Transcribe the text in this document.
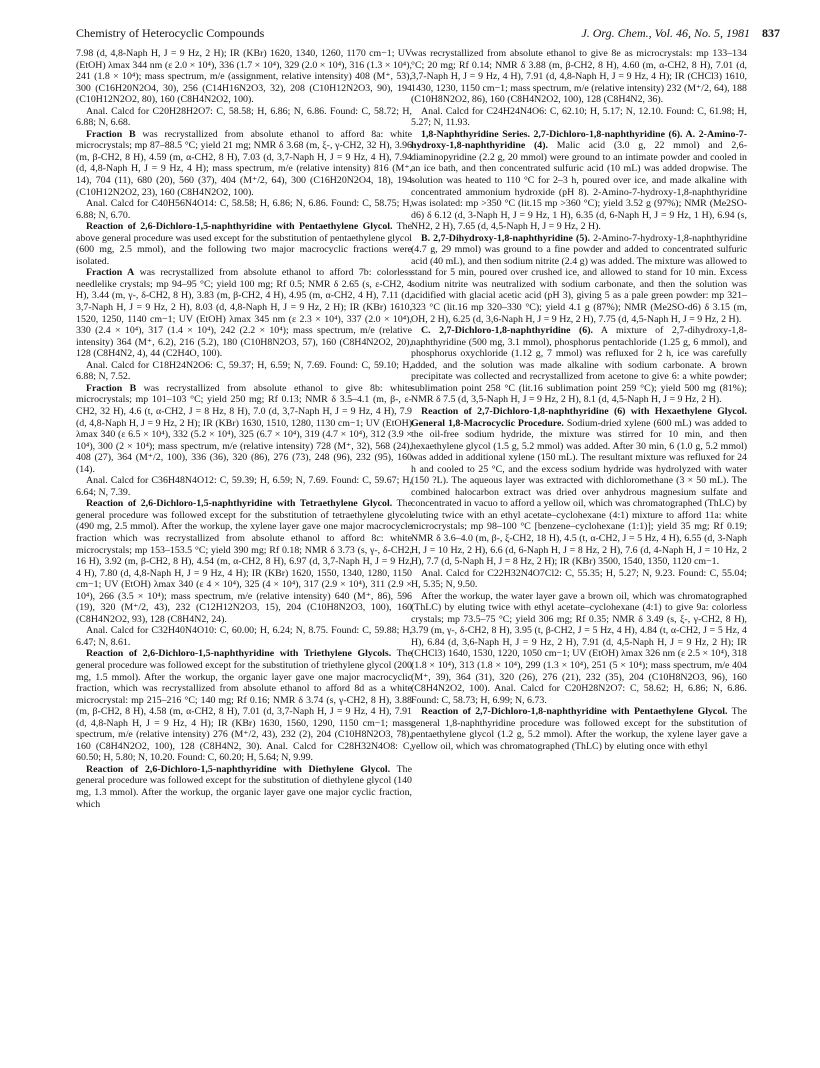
Chemistry of Heterocyclic Compounds	J. Org. Chem., Vol. 46, No. 5, 1981 837

7.98 (d, 4,8-Naph H, J = 9 Hz, 2 H); IR (KBr) 1620, 1340, 1260, 1170 cm−1; UV (EtOH) λmax 344 nm (ε 2.0 × 10⁴), 336 (1.7 × 10⁴), 329 (2.0 × 10⁴), 316 (1.3 × 10⁴), 241 (1.8 × 10⁴); mass spectrum, m/e (assignment, relative intensity) 408 (M⁺, 53), 300 (C16H20N2O4, 30), 256 (C14H16N2O3, 32), 208 (C10H12N2O3, 90), 194 (C10H12N2O2, 80), 160 (C8H4N2O2, 100).

Anal. Calcd for C20H28H2O7: C, 58.58; H, 6.86; N, 6.86. Found: C, 58.72; H, 6.88; N, 6.68.

Fraction B was recrystallized from absolute ethanol to afford 8a: white microcrystals; mp 87–88.5 °C; yield 21 mg; NMR δ 3.68 (m, ξ-, γ-CH2, 32 H), 3.96 (m, β-CH2, 8 H), 4.59 (m, α-CH2, 8 H), 7.03 (d, 3,7-Naph H, J = 9 Hz, 4 H), 7.94 (d, 4,8-Naph H, J = 9 Hz, 4 H); mass spectrum, m/e (relative intensity) 816 (M⁺, 14), 704 (11), 680 (20), 560 (37), 404 (M⁺/2, 64), 300 (C16H20N2O4, 18), 194 (C10H12N2O2, 23), 160 (C8H4N2O2, 100).

Anal. Calcd for C40H56N4O14: C, 58.58; H, 6.86; N, 6.86. Found: C, 58.75; H, 6.88; N, 6.70.

Reaction of 2,6-Dichloro-1,5-naphthyridine with Pentaethylene Glycol. The above general procedure was used except for the substitution of pentaethylene glycol (600 mg, 2.5 mmol), and the following two major macrocyclic fractions were isolated.

Fraction A was recrystallized from absolute ethanol to afford 7b: colorless needlelike crystals; mp 94–95 °C; yield 100 mg; Rf 0.5; NMR δ 2.65 (s, ε-CH2, 4 H), 3.44 (m, γ-, δ-CH2, 8 H), 3.83 (m, β-CH2, 4 H), 4.95 (m, α-CH2, 4 H), 7.11 (d, 3,7-Naph H, J = 9 Hz, 2 H), 8.03 (d, 4,8-Naph H, J = 9 Hz, 2 H); IR (KBr) 1610, 1520, 1250, 1140 cm−1; UV (EtOH) λmax 345 nm (ε 2.3 × 10⁴), 337 (2.0 × 10⁴), 330 (2.4 × 10⁴), 317 (1.4 × 10⁴), 242 (2.2 × 10⁴); mass spectrum, m/e (relative intensity) 364 (M⁺, 6.2), 216 (5.2), 180 (C10H8N2O3, 57), 160 (C8H4N2O2, 20), 128 (C8H4N2, 4), 44 (C2H4O, 100).

Anal. Calcd for C18H24N2O6: C, 59.37; H, 6.59; N, 7.69. Found: C, 59.10; H, 6.88; N, 7.52.

Fraction B was recrystallized from absolute ethanol to give 8b: white microcrystals; mp 101–103 °C; yield 250 mg; Rf 0.13; NMR δ 3.5–4.1 (m, β-, ε-CH2, 32 H), 4.6 (t, α-CH2, J = 8 Hz, 8 H), 7.0 (d, 3,7-Naph H, J = 9 Hz, 4 H), 7.9 (d, 4,8-Naph H, J = 9 Hz, 2 H); IR (KBr) 1630, 1510, 1280, 1130 cm−1; UV (EtOH) λmax 340 (ε 6.5 × 10⁴), 332 (5.2 × 10⁴), 325 (6.7 × 10⁴), 319 (4.7 × 10⁴), 312 (3.9 × 10⁴), 300 (2 × 10⁴); mass spectrum, m/e (relative intensity) 728 (M⁺, 32), 568 (24), 408 (27), 364 (M⁺/2, 100), 336 (36), 320 (86), 276 (73), 248 (96), 232 (95), 160 (14).

Anal. Calcd for C36H48N4O12: C, 59.39; H, 6.59; N, 7.69. Found: C, 59.67; H, 6.64; N, 7.39.

Reaction of 2,6-Dichloro-1,5-naphthyridine with Tetraethylene Glycol. The general procedure was followed except for the substitution of tetraethylene glycol (490 mg, 2.5 mmol). After the workup, the xylene layer gave one major macrocycle fraction which was recrystallized from absolute ethanol to afford 8c: white microcrystals; mp 153–153.5 °C; yield 390 mg; Rf 0.18; NMR δ 3.73 (s, γ-, δ-CH2, 16 H), 3.92 (m, β-CH2, 8 H), 4.54 (m, α-CH2, 8 H), 6.97 (d, 3,7-Naph H, J = 9 Hz, 4 H), 7.80 (d, 4,8-Naph H, J = 9 Hz, 4 H); IR (KBr) 1620, 1550, 1340, 1280, 1150 cm−1; UV (EtOH) λmax 340 (ε 4 × 10⁴), 325 (4 × 10⁴), 317 (2.9 × 10⁴), 311 (2.9 × 10⁴), 266 (3.5 × 10⁴); mass spectrum, m/e (relative intensity) 640 (M⁺, 86), 596 (19), 320 (M⁺/2, 43), 232 (C12H12N2O3, 15), 204 (C10H8N2O3, 100), 160 (C8H4N2O2, 93), 128 (C8H4N2, 24).

Anal. Calcd for C32H40N4O10: C, 60.00; H, 6.24; N, 8.75. Found: C, 59.88; H, 6.47; N, 8.61.

Reaction of 2,6-Dichloro-1,5-naphthyridine with Triethylene Glycols. The general procedure was followed except for the substitution of triethylene glycol (200 mg, 1.5 mmol). After the workup, the organic layer gave one major macrocyclic fraction, which was recrystallized from absolute ethanol to afford 8d as a white microcrystal: mp 215–216 °C; 140 mg; Rf 0.16; NMR δ 3.74 (s, γ-CH2, 8 H), 3.88 (m, β-CH2, 8 H), 4.58 (m, α-CH2, 8 H), 7.01 (d, 3,7-Naph H, J = 9 Hz, 4 H), 7.91 (d, 4,8-Naph H, J = 9 Hz, 4 H); IR (KBr) 1630, 1560, 1290, 1150 cm−1; mass spectrum, m/e (relative intensity) 276 (M⁺/2, 43), 232 (2), 204 (C10H8N2O3, 78), 160 (C8H4N2O2, 100), 128 (C8H4N2, 30). Anal. Calcd for C28H32N4O8: C, 60.50; H, 5.80; N, 10.20. Found: C, 60.20; H, 5.64; N, 9.99.

Reaction of 2,6-Dichloro-1,5-naphthyridine with Diethylene Glycol. The general procedure was followed except for the substitution of diethylene glycol (140 mg, 1.3 mmol). After the workup, the organic layer gave one major cyclic fraction, which

was recrystallized from absolute ethanol to give 8e as microcrystals: mp 133–134 °C; 20 mg; Rf 0.14; NMR δ 3.88 (m, β-CH2, 8 H), 4.60 (m, α-CH2, 8 H), 7.01 (d, 3,7-Naph H, J = 9 Hz, 4 H), 7.91 (d, 4,8-Naph H, J = 9 Hz, 4 H); IR (CHCl3) 1610, 1430, 1230, 1150 cm−1; mass spectrum, m/e (relative intensity) 232 (M⁺/2, 64), 188 (C10H8N2O2, 86), 160 (C8H4N2O2, 100), 128 (C8H4N2, 36).

Anal. Calcd for C24H24N4O6: C, 62.10; H, 5.17; N, 12.10. Found: C, 61.98; H, 5.27; N, 11.93.

1,8-Naphthyridine Series. 2,7-Dichloro-1,8-naphthyridine (6). A. 2-Amino-7-hydroxy-1,8-naphthyridine (4). Malic acid (3.0 g, 22 mmol) and 2,6-diaminopyridine (2.2 g, 20 mmol) were ground to an intimate powder and cooled in an ice bath, and then concentrated sulfuric acid (10 mL) was added dropwise. The solution was heated to 110 °C for 2–3 h, poured over ice, and made alkaline with concentrated ammonium hydroxide (pH 8). 2-Amino-7-hydroxy-1,8-naphthyridine was isolated: mp >350 °C (lit.15 mp >360 °C); yield 3.52 g (97%); NMR (Me2SO-d6) δ 6.12 (d, 3-Naph H, J = 9 Hz, 1 H), 6.35 (d, 6-Naph H, J = 9 Hz, 1 H), 6.94 (s, NH2, 2 H), 7.65 (d, 4,5-Naph H, J = 9 Hz, 2 H).

B. 2,7-Dihydroxy-1,8-naphthyridine (5). 2-Amino-7-hydroxy-1,8-naphthyridine (4.7 g, 29 mmol) was ground to a fine powder and added to concentrated sulfuric acid (40 mL), and then sodium nitrite (2.4 g) was added. The mixture was allowed to stand for 5 min, poured over crushed ice, and allowed to stand for 10 min. Excess sodium nitrite was neutralized with sodium carbonate, and then the solution was acidified with glacial acetic acid (pH 3), giving 5 as a pale green powder: mp 321–323 °C (lit.16 mp 320–330 °C); yield 4.1 g (87%); NMR (Me2SO-d6) δ 3.15 (m, OH, 2 H), 6.25 (d, 3,6-Naph H, J = 9 Hz, 2 H), 7.75 (d, 4,5-Naph H, J = 9 Hz, 2 H).

C. 2,7-Dichloro-1,8-naphthyridine (6). A mixture of 2,7-dihydroxy-1,8-naphthyridine (500 mg, 3.1 mmol), phosphorus pentachloride (1.25 g, 6 mmol), and phosphorus oxychloride (1.12 g, 7 mmol) was refluxed for 2 h, ice was carefully added, and the solution was made alkaline with sodium carbonate. A brown precipitate was collected and recrystallized from acetone to give 6: a white powder; sublimation point 258 °C (lit.16 sublimation point 259 °C); yield 500 mg (81%); NMR δ 7.5 (d, 3,5-Naph H, J = 9 Hz, 2 H), 8.1 (d, 4,5-Naph H, J = 9 Hz, 2 H).

Reaction of 2,7-Dichloro-1,8-naphthyridine (6) with Hexaethylene Glycol. General 1,8-Macrocyclic Procedure. Sodium-dried xylene (600 mL) was added to the oil-free sodium hydride, the mixture was stirred for 10 min, and then hexaethylene glycol (1.5 g, 5.2 mmol) was added. After 30 min, 6 (1.0 g, 5.2 mmol) was added in additional xylene (150 mL). The resultant mixture was refluxed for 24 h and cooled to 25 °C, and the excess sodium hydride was hydrolyzed with water (150 ?L). The aqueous layer was extracted with dichloromethane (3 × 50 mL). The combined halocarbon extract was dried over anhydrous magnesium sulfate and concentrated in vacuo to afford a yellow oil, which was chromatographed (ThLC) by eluting twice with an ethyl acetate–cyclohexane (4:1) mixture to afford 11a: white microcrystals; mp 98–100 °C [benzene–cyclohexane (1:1)]; yield 35 mg; Rf 0.19; NMR δ 3.6–4.0 (m, β-, ξ-CH2, 18 H), 4.5 (t, α-CH2, J = 5 Hz, 4 H), 6.55 (d, 3-Naph H, J = 10 Hz, 2 H), 6.6 (d, 6-Naph H, J = 8 Hz, 2 H), 7.6 (d, 4-Naph H, J = 10 Hz, 2 H), 7.7 (d, 5-Naph H, J = 8 Hz, 2 H); IR (KBr) 3500, 1540, 1350, 1120 cm−1.

Anal. Calcd for C22H32N4O7Cl2: C, 55.35; H, 5.27; N, 9.23. Found: C, 55.04; H, 5.35; N, 9.50.

After the workup, the water layer gave a brown oil, which was chromatographed (ThLC) by eluting twice with ethyl acetate–cyclohexane (4:1) to give 9a: colorless crystals; mp 73.5–75 °C; yield 306 mg; Rf 0.35; NMR δ 3.49 (s, ξ-, γ-CH2, 8 H), 3.79 (m, γ-, δ-CH2, 8 H), 3.95 (t, β-CH2, J = 5 Hz, 4 H), 4.84 (t, α-CH2, J = 5 Hz, 4 H), 6.84 (d, 3,6-Naph H, J = 9 Hz, 2 H), 7.91 (d, 4,5-Naph H, J = 9 Hz, 2 H); IR (CHCl3) 1640, 1530, 1220, 1050 cm−1; UV (EtOH) λmax 326 nm (ε 2.5 × 10⁴), 318 (1.8 × 10⁴), 313 (1.8 × 10⁴), 299 (1.3 × 10⁴), 251 (5 × 10⁴); mass spectrum, m/e 404 (M⁺, 39), 364 (31), 320 (26), 276 (21), 232 (35), 204 (C10H8N2O3, 96), 160 (C8H4N2O2, 100). Anal. Calcd for C20H28N2O7: C, 58.62; H, 6.86; N, 6.86. Found: C, 58.73; H, 6.99; N, 6.73.

Reaction of 2,7-Dichloro-1,8-naphthyridine with Pentaethylene Glycol. The general 1,8-naphthyridine procedure was followed except for the substitution of pentaethylene glycol (1.2 g, 5.2 mmol). After the workup, the xylene layer gave a yellow oil, which was chromatographed (ThLC) by eluting once with ethyl
